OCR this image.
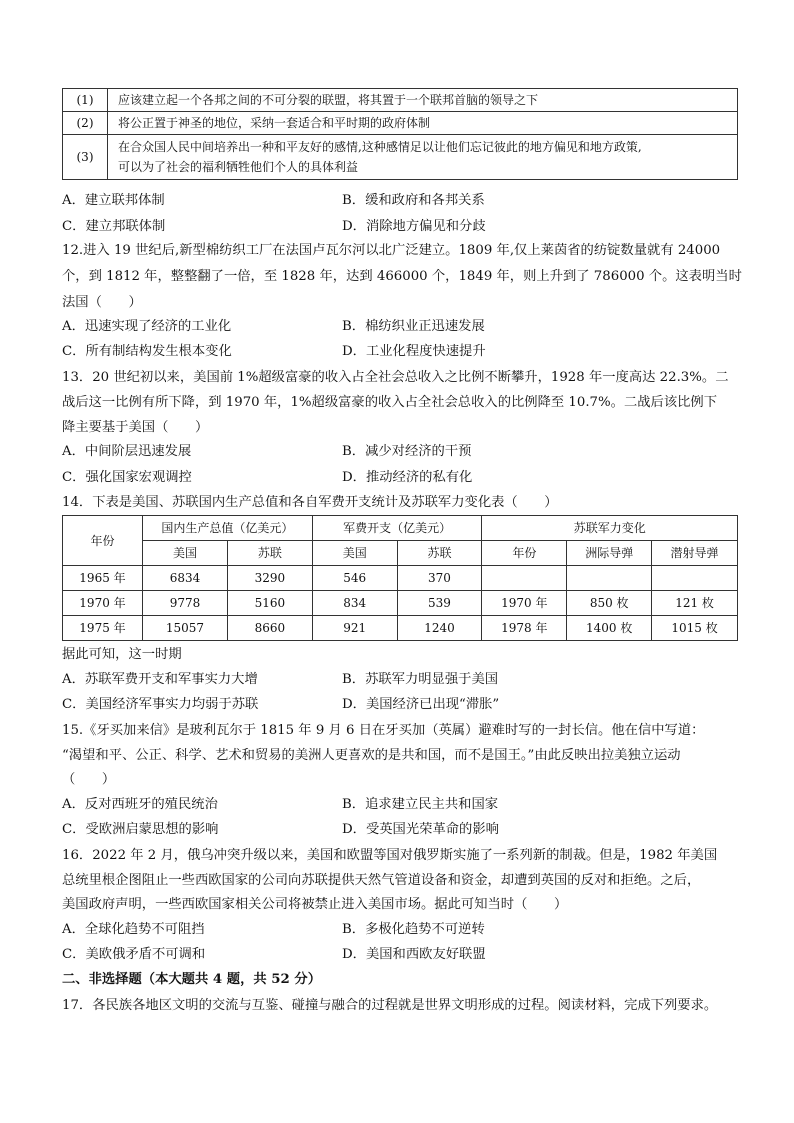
(1)	应该建立起一个各邦之间的不可分裂的联盟，将其置于一个联邦首脑的领导之下
(2)	将公正置于神圣的地位，采纳一套适合和平时期的政府体制
(3)	在合众国人民中间培养出一种和平友好的感情,这种感情足以让他们忘记彼此的地方偏见和地方政策,
可以为了社会的福利牺牲他们个人的具体利益
A．建立联邦体制	B．缓和政府和各邦关系
C．建立邦联体制	D．消除地方偏见和分歧
12.进入 19 世纪后,新型棉纺织工厂在法国卢瓦尔河以北广泛建立。1809 年,仅上莱茵省的纺锭数量就有 24000
个，到 1812 年，整整翻了一倍，至 1828 年，达到 466000 个，1849 年，则上升到了 786000 个。这表明当时
法国（　　）
A．迅速实现了经济的工业化	B．棉纺织业正迅速发展
C．所有制结构发生根本变化	D．工业化程度快速提升
13．20 世纪初以来，美国前 1%超级富豪的收入占全社会总收入之比例不断攀升，1928 年一度高达 22.3%。二
战后这一比例有所下降，到 1970 年，1%超级富豪的收入占全社会总收入的比例降至 10.7%。二战后该比例下
降主要基于美国（　　）
A．中间阶层迅速发展	B．减少对经济的干预
C．强化国家宏观调控	D．推动经济的私有化
14．下表是美国、苏联国内生产总值和各自军费开支统计及苏联军力变化表（　　）
年份	国内生产总值（亿美元）		军费开支（亿美元）		苏联军力变化		
	美国	苏联	美国	苏联	年份	洲际导弹	潜射导弹
1965 年	6834	3290	546	370			
1970 年	9778	5160	834	539	1970 年	850 枚	121 枚
1975 年	15057	8660	921	1240	1978 年	1400 枚	1015 枚
据此可知，这一时期
A．苏联军费开支和军事实力大增	B．苏联军力明显强于美国
C．美国经济军事实力均弱于苏联	D．美国经济已出现“滞胀”
15.《牙买加来信》是玻利瓦尔于 1815 年 9 月 6 日在牙买加（英属）避难时写的一封长信。他在信中写道：
“渴望和平、公正、科学、艺术和贸易的美洲人更喜欢的是共和国，而不是国王。”由此反映出拉美独立运动
（　　）
A．反对西班牙的殖民统治	B．追求建立民主共和国家
C．受欧洲启蒙思想的影响	D．受英国光荣革命的影响
16．2022 年 2 月，俄乌冲突升级以来，美国和欧盟等国对俄罗斯实施了一系列新的制裁。但是，1982 年美国
总统里根企图阻止一些西欧国家的公司向苏联提供天然气管道设备和资金，却遭到英国的反对和拒绝。之后，
美国政府声明，一些西欧国家相关公司将被禁止进入美国市场。据此可知当时（　　）
A．全球化趋势不可阻挡	B．多极化趋势不可逆转
C．美欧俄矛盾不可调和	D．美国和西欧友好联盟
二、非选择题（本大题共 4 题，共 52 分）
17．各民族各地区文明的交流与互鉴、碰撞与融合的过程就是世界文明形成的过程。阅读材料，完成下列要求。
